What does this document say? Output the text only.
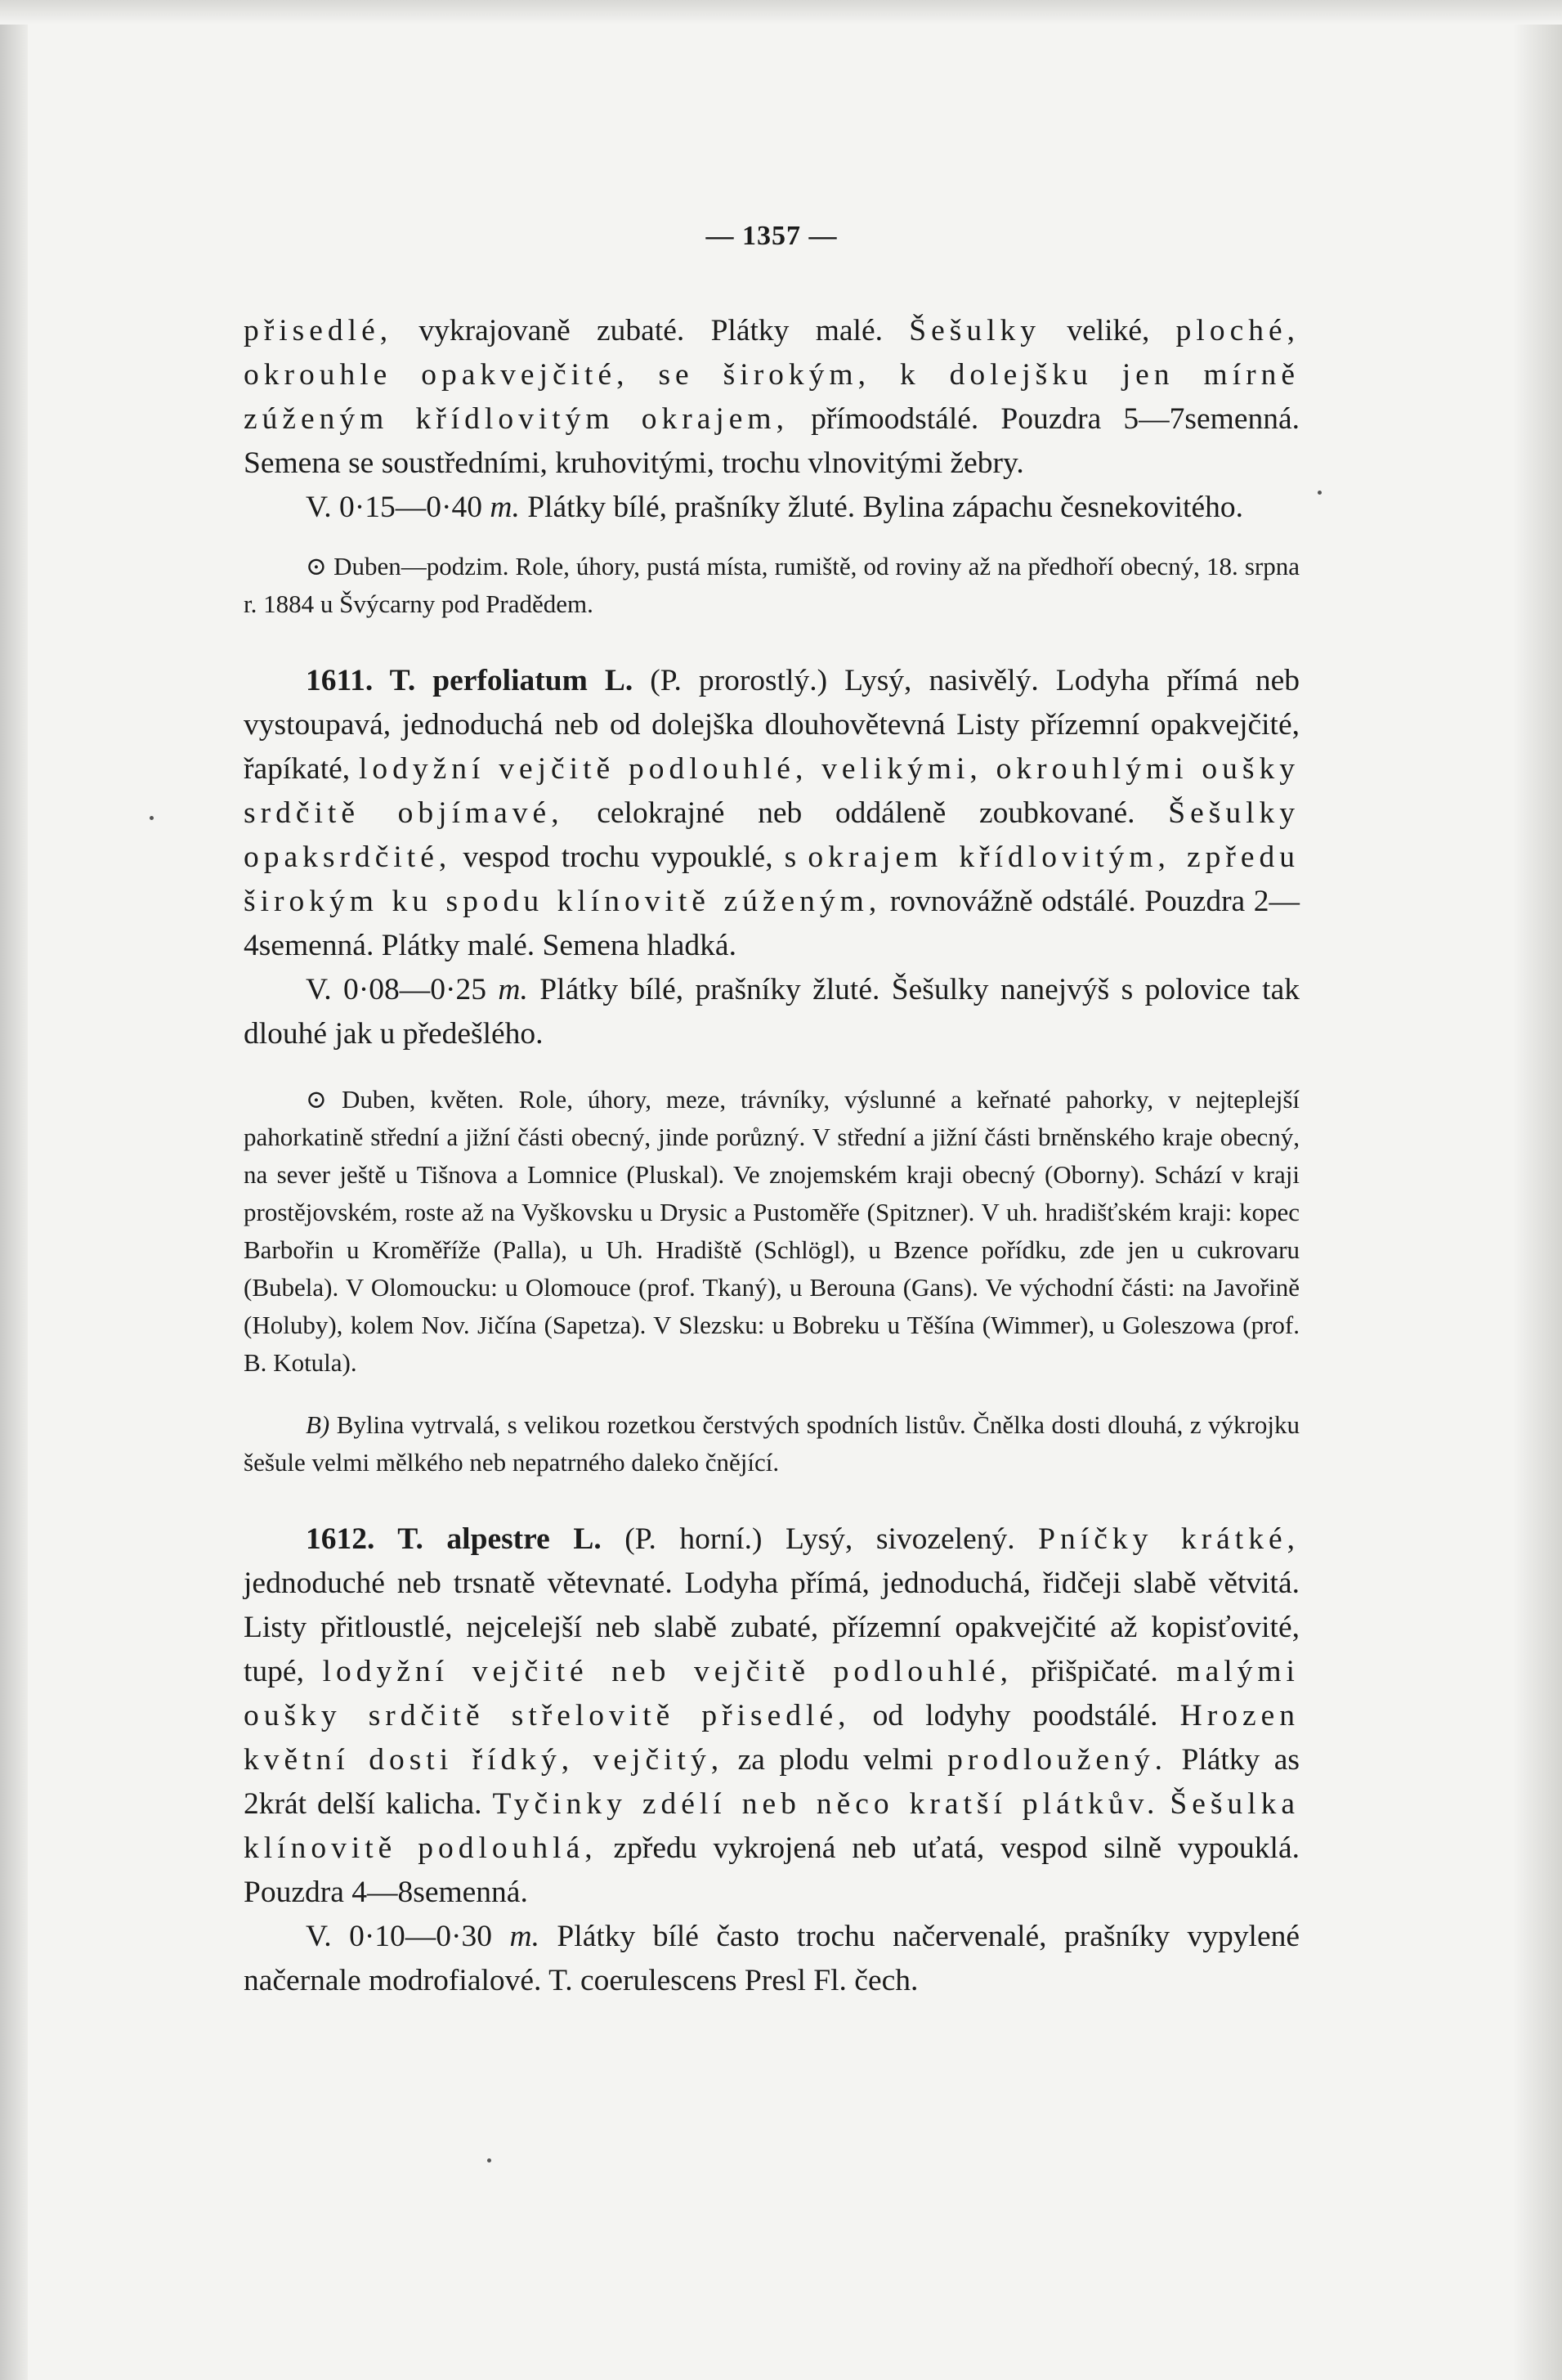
— 1357 —

přisedlé, vykrajovaně zubaté. Plátky malé. Šešulky veliké, ploché, okrouhle opakvejčité, se širokým, k dolejšku jen mírně zúženým křídlovitým okrajem, přímoodstálé. Pouzdra 5—7semenná. Semena se soustředními, kruhovitými, trochu vlnovitými žebry.

V. 0·15—0·40 m. Plátky bílé, prašníky žluté. Bylina zápachu česnekovitého.

⊙ Duben—podzim. Role, úhory, pustá místa, rumiště, od roviny až na předhoří obecný, 18. srpna r. 1884 u Švýcarny pod Pradědem.

1611. T. perfoliatum L. (P. prorostlý.) Lysý, nasivělý. Lodyha přímá neb vystoupavá, jednoduchá neb od dolejška dlouhovětevná Listy přízemní opakvejčité, řapíkaté, lodyžní vejčitě podlouhlé, velikými, okrouhlými oušky srdčitě objímavé, celokrajné neb oddáleně zoubkované. Šešulky opaksrdčité, vespod trochu vypouklé, s okrajem křídlovitým, zpředu širokým ku spodu klínovitě zúženým, rovnovážně odstálé. Pouzdra 2—4semenná. Plátky malé. Semena hladká.

V. 0·08—0·25 m. Plátky bílé, prašníky žluté. Šešulky nanejvýš s polovice tak dlouhé jak u předešlého.

⊙ Duben, květen. Role, úhory, meze, trávníky, výslunné a keřnaté pahorky, v nejteplejší pahorkatině střední a jižní části obecný, jinde porůzný. V střední a jižní části brněnského kraje obecný, na sever ještě u Tišnova a Lomnice (Pluskal). Ve znojemském kraji obecný (Oborny). Schází v kraji prostějovském, roste až na Vyškovsku u Drysic a Pustoměře (Spitzner). V uh. hradišťském kraji: kopec Barbořin u Kroměříže (Palla), u Uh. Hradiště (Schlögl), u Bzence pořídku, zde jen u cukrovaru (Bubela). V Olomoucku: u Olomouce (prof. Tkaný), u Berouna (Gans). Ve východní části: na Javořině (Holuby), kolem Nov. Jičína (Sapetza). V Slezsku: u Bobreku u Těšína (Wimmer), u Goleszowa (prof. B. Kotula).

B) Bylina vytrvalá, s velikou rozetkou čerstvých spodních listův. Čnělka dosti dlouhá, z výkrojku šešule velmi mělkého neb nepatrného daleko čnějící.

1612. T. alpestre L. (P. horní.) Lysý, sivozelený. Pníčky krátké, jednoduché neb trsnatě větevnaté. Lodyha přímá, jednoduchá, řidčeji slabě větvitá. Listy přitloustlé, nejcelejší neb slabě zubaté, přízemní opakvejčité až kopisťovité, tupé, lodyžní vejčité neb vejčitě podlouhlé, přišpičaté. malými oušky srdčitě střelovitě přisedlé, od lodyhy poodstálé. Hrozen květní dosti řídký, vejčitý, za plodu velmi prodloužený. Plátky as 2krát delší kalicha. Tyčinky zdélí neb něco kratší plátkův. Šešulka klínovitě podlouhlá, zpředu vykrojená neb uťatá, vespod silně vypouklá. Pouzdra 4—8semenná.

V. 0·10—0·30 m. Plátky bílé často trochu načervenalé, prašníky vypylené načernale modrofialové. T. coerulescens Presl Fl. čech.
